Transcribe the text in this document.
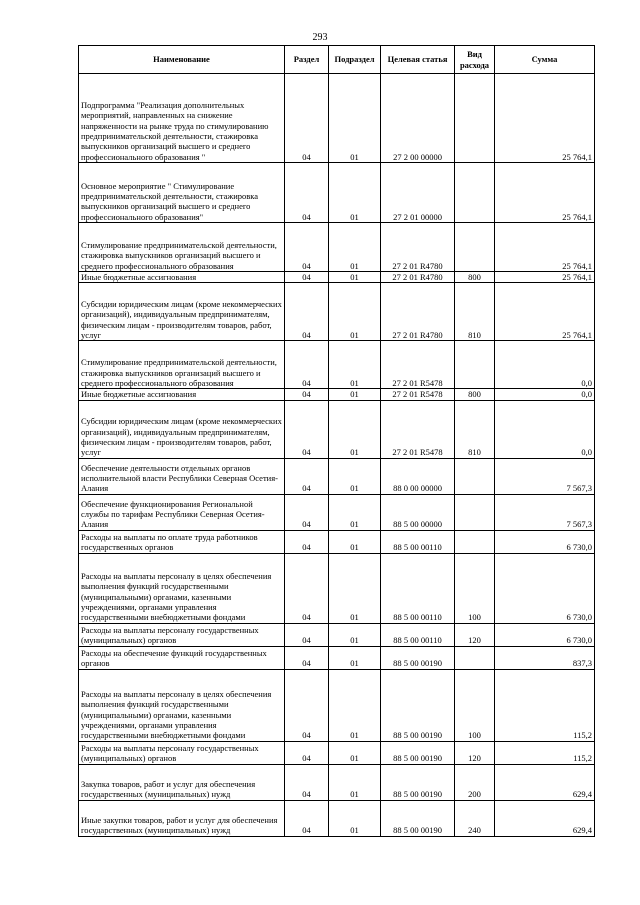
293
Наименование	Раздел	Подраздел	Целевая статья	Вид расхода	Сумма
Подпрограмма "Реализация дополнительных мероприятий, направленных на снижение напряженности на рынке труда по стимулированию предпринимательской деятельности, стажировка выпускников организаций высшего и среднего профессионального образования "	04	01	27 2 00 00000		25 764,1
Основное мероприятие " Стимулирование предпринимательской деятельности, стажировка выпускников организаций высшего и среднего профессионального образования"	04	01	27 2 01 00000		25 764,1
Стимулирование предпринимательской деятельности, стажировка выпускников организаций высшего и среднего профессионального образования	04	01	27 2 01 R4780		25 764,1
Иные бюджетные ассигнования	04	01	27 2 01 R4780	800	25 764,1
Субсидии юридическим лицам (кроме некоммерческих организаций), индивидуальным предпринимателям, физическим лицам - производителям товаров, работ, услуг	04	01	27 2 01 R4780	810	25 764,1
Стимулирование предпринимательской деятельности, стажировка выпускников организаций высшего и среднего профессионального образования	04	01	27 2 01 R5478		0,0
Иные бюджетные ассигнования	04	01	27 2 01 R5478	800	0,0
Субсидии юридическим лицам (кроме некоммерческих организаций), индивидуальным предпринимателям, физическим лицам - производителям товаров, работ, услуг	04	01	27 2 01 R5478	810	0,0
Обеспечение деятельности отдельных органов исполнительной власти Республики Северная Осетия-Алания	04	01	88 0 00 00000		7 567,3
Обеспечение функционирования Региональной службы по тарифам Республики Северная Осетия-Алания	04	01	88 5 00 00000		7 567,3
Расходы на выплаты по оплате труда работников государственных органов	04	01	88 5 00 00110		6 730,0
Расходы на выплаты персоналу в целях обеспечения выполнения функций государственными (муниципальными) органами, казенными учреждениями, органами управления государственными внебюджетными фондами	04	01	88 5 00 00110	100	6 730,0
Расходы на выплаты персоналу государственных (муниципальных) органов	04	01	88 5 00 00110	120	6 730,0
Расходы на обеспечение функций государственных органов	04	01	88 5 00 00190		837,3
Расходы на выплаты персоналу в целях обеспечения выполнения функций государственными (муниципальными) органами, казенными учреждениями, органами управления государственными внебюджетными фондами	04	01	88 5 00 00190	100	115,2
Расходы на выплаты персоналу государственных (муниципальных) органов	04	01	88 5 00 00190	120	115,2
Закупка товаров, работ и услуг для обеспечения государственных (муниципальных) нужд	04	01	88 5 00 00190	200	629,4
Иные закупки товаров, работ и услуг для обеспечения государственных (муниципальных) нужд	04	01	88 5 00 00190	240	629,4
